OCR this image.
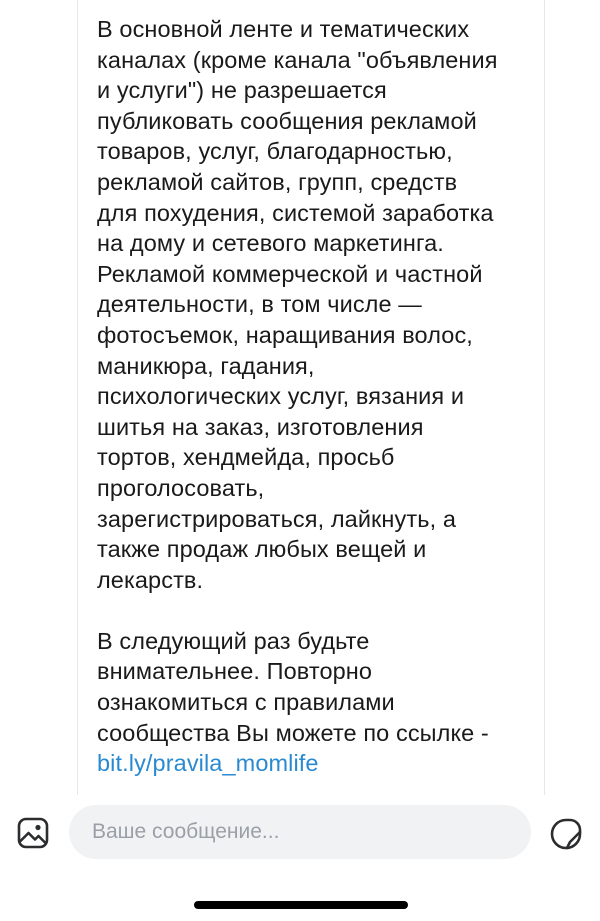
В основной ленте и тематических

каналах (кроме канала "объявления

и услуги") не разрешается

публиковать сообщения рекламой

товаров, услуг, благодарностью,

рекламой сайтов, групп, средств

для похудения, системой заработка

на дому и сетевого маркетинга.

Рекламой коммерческой и частной

деятельности, в том числе —

фотосъемок, наращивания волос,

маникюра, гадания,

психологических услуг, вязания и

шитья на заказ, изготовления

тортов, хендмейда, просьб

проголосовать,

зарегистрироваться, лайкнуть, а

также продаж любых вещей и

лекарств.

В следующий раз будьте

внимательнее. Повторно

ознакомиться с правилами

сообщества Вы можете по ссылке -

bit.ly/pravila_momlife

Ваше сообщение...
